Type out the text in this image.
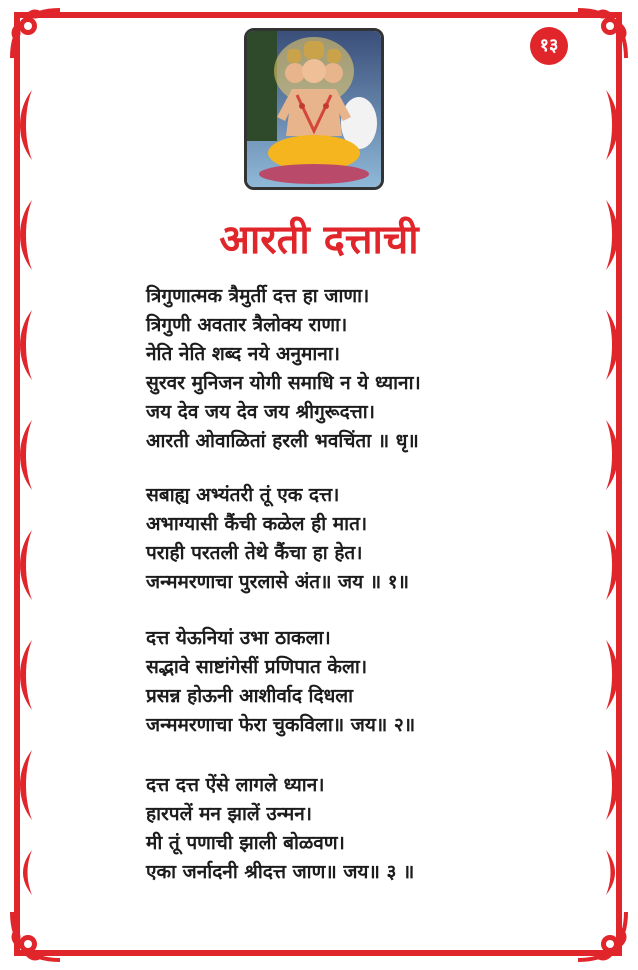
१३
आरती दत्ताची
त्रिगुणात्मक त्रैमुर्ती दत्त हा जाणा।
त्रिगुणी अवतार त्रैलोक्य राणा।
नेति नेति शब्द नये अनुमाना।
सुरवर मुनिजन योगी समाधि न ये ध्याना।
जय देव जय देव जय श्रीगुरूदत्ता।
आरती ओवाळितां हरली भवचिंता ॥ धृ॥
सबाह्य अभ्यंतरी तूं एक दत्त।
अभाग्यासी कैंची कळेल ही मात।
पराही परतली तेथे कैंचा हा हेत।
जन्ममरणाचा पुरलासे अंत॥ जय ॥ १॥
दत्त येऊनियां उभा ठाकला।
सद्भावे साष्टांगेसीं प्रणिपात केला।
प्रसन्न होऊनी आशीर्वाद दिधला
जन्ममरणाचा फेरा चुकविला॥ जय॥ २॥
दत्त दत्त ऐंसे लागले ध्यान।
हारपलें मन झालें उन्मन।
मी तूं पणाची झाली बोळवण।
एका जर्नादनी श्रीदत्त जाण॥ जय॥ ३ ॥
